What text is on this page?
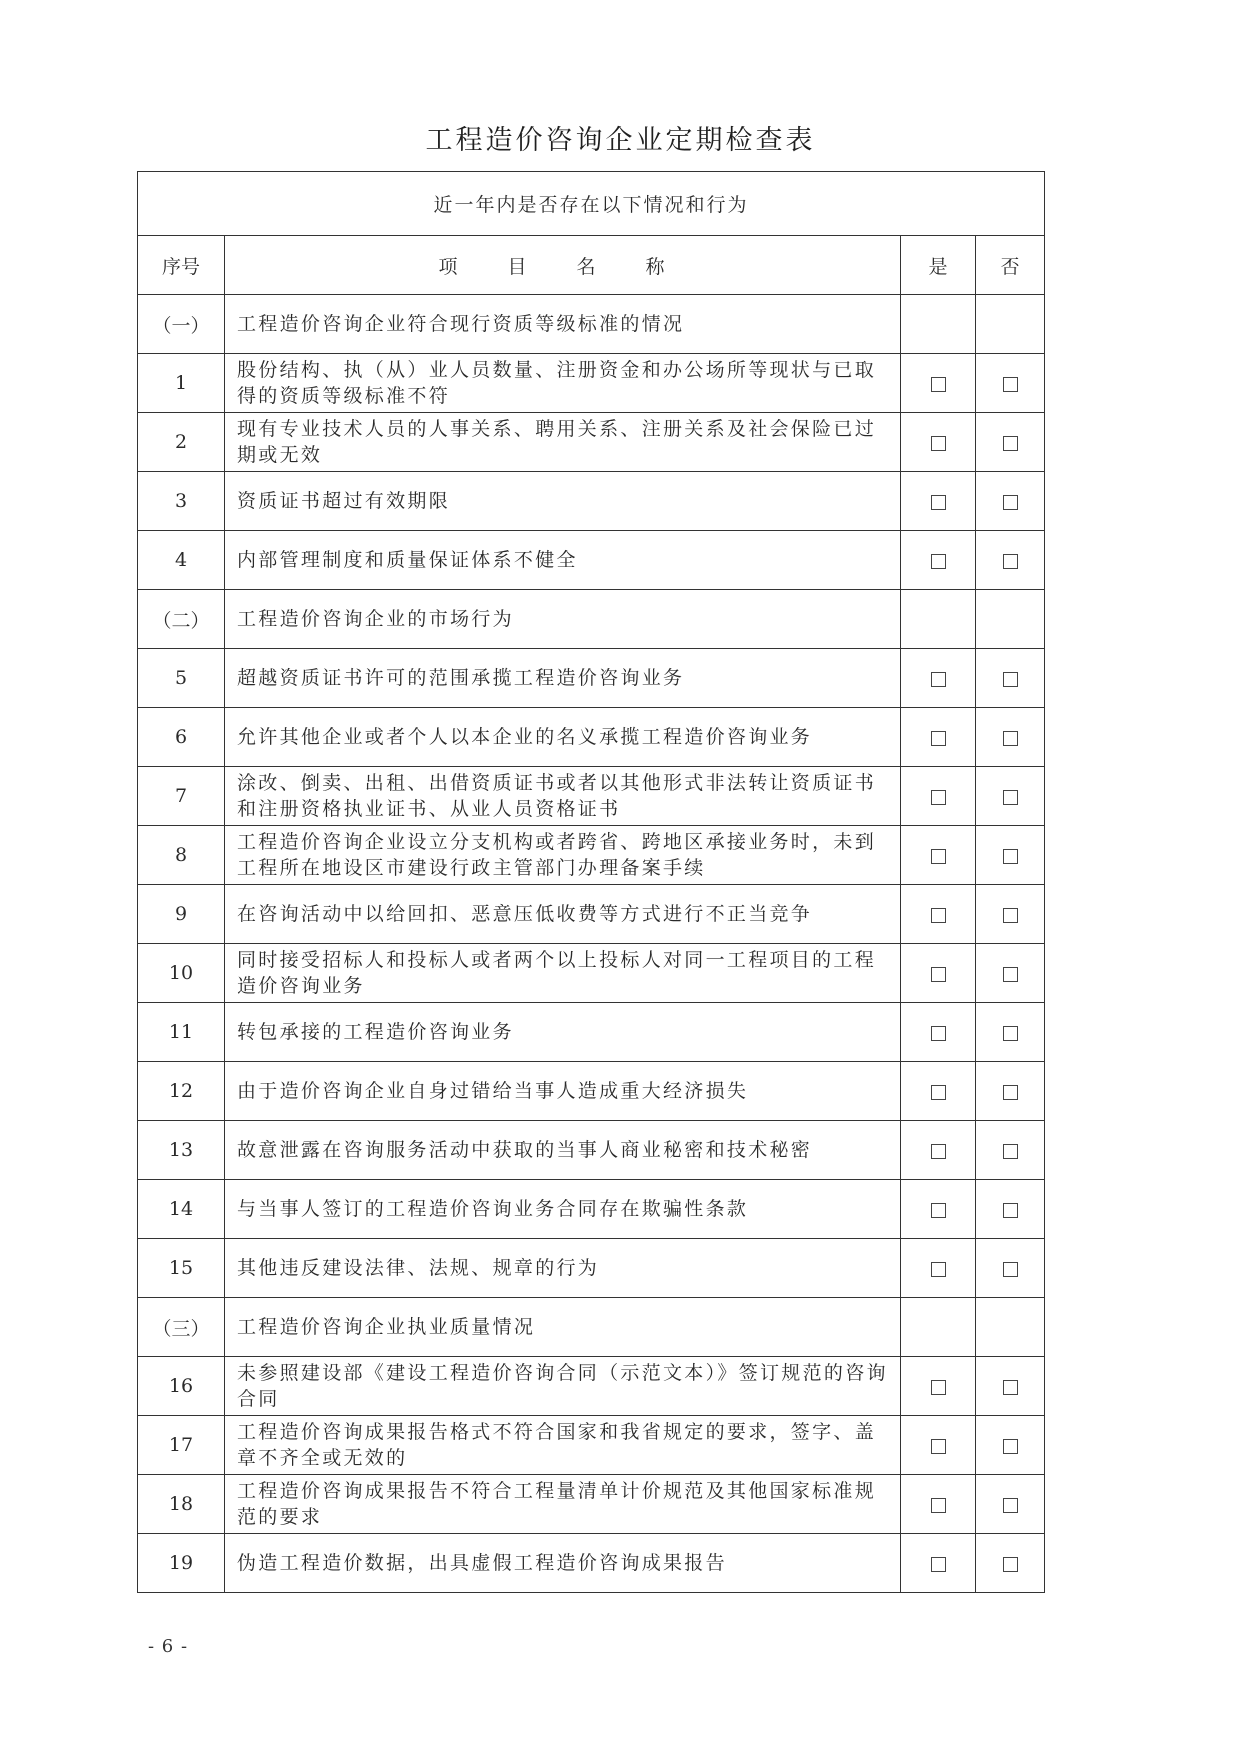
工程造价咨询企业定期检查表
近一年内是否存在以下情况和行为			
序号	项 目 名 称	是	否
（一）	工程造价咨询企业符合现行资质等级标准的情况		
1	股份结构、执（从）业人员数量、注册资金和办公场所等现状与已取得的资质等级标准不符		
2	现有专业技术人员的人事关系、聘用关系、注册关系及社会保险已过期或无效		
3	资质证书超过有效期限		
4	内部管理制度和质量保证体系不健全		
（二）	工程造价咨询企业的市场行为		
5	超越资质证书许可的范围承揽工程造价咨询业务		
6	允许其他企业或者个人以本企业的名义承揽工程造价咨询业务		
7	涂改、倒卖、出租、出借资质证书或者以其他形式非法转让资质证书和注册资格执业证书、从业人员资格证书		
8	工程造价咨询企业设立分支机构或者跨省、跨地区承接业务时，未到工程所在地设区市建设行政主管部门办理备案手续		
9	在咨询活动中以给回扣、恶意压低收费等方式进行不正当竞争		
10	同时接受招标人和投标人或者两个以上投标人对同一工程项目的工程造价咨询业务		
11	转包承接的工程造价咨询业务		
12	由于造价咨询企业自身过错给当事人造成重大经济损失		
13	故意泄露在咨询服务活动中获取的当事人商业秘密和技术秘密		
14	与当事人签订的工程造价咨询业务合同存在欺骗性条款		
15	其他违反建设法律、法规、规章的行为		
（三）	工程造价咨询企业执业质量情况		
16	未参照建设部《建设工程造价咨询合同（示范文本）》签订规范的咨询合同		
17	工程造价咨询成果报告格式不符合国家和我省规定的要求，签字、盖章不齐全或无效的		
18	工程造价咨询成果报告不符合工程量清单计价规范及其他国家标准规范的要求		
19	伪造工程造价数据，出具虚假工程造价咨询成果报告		
- 6 -
